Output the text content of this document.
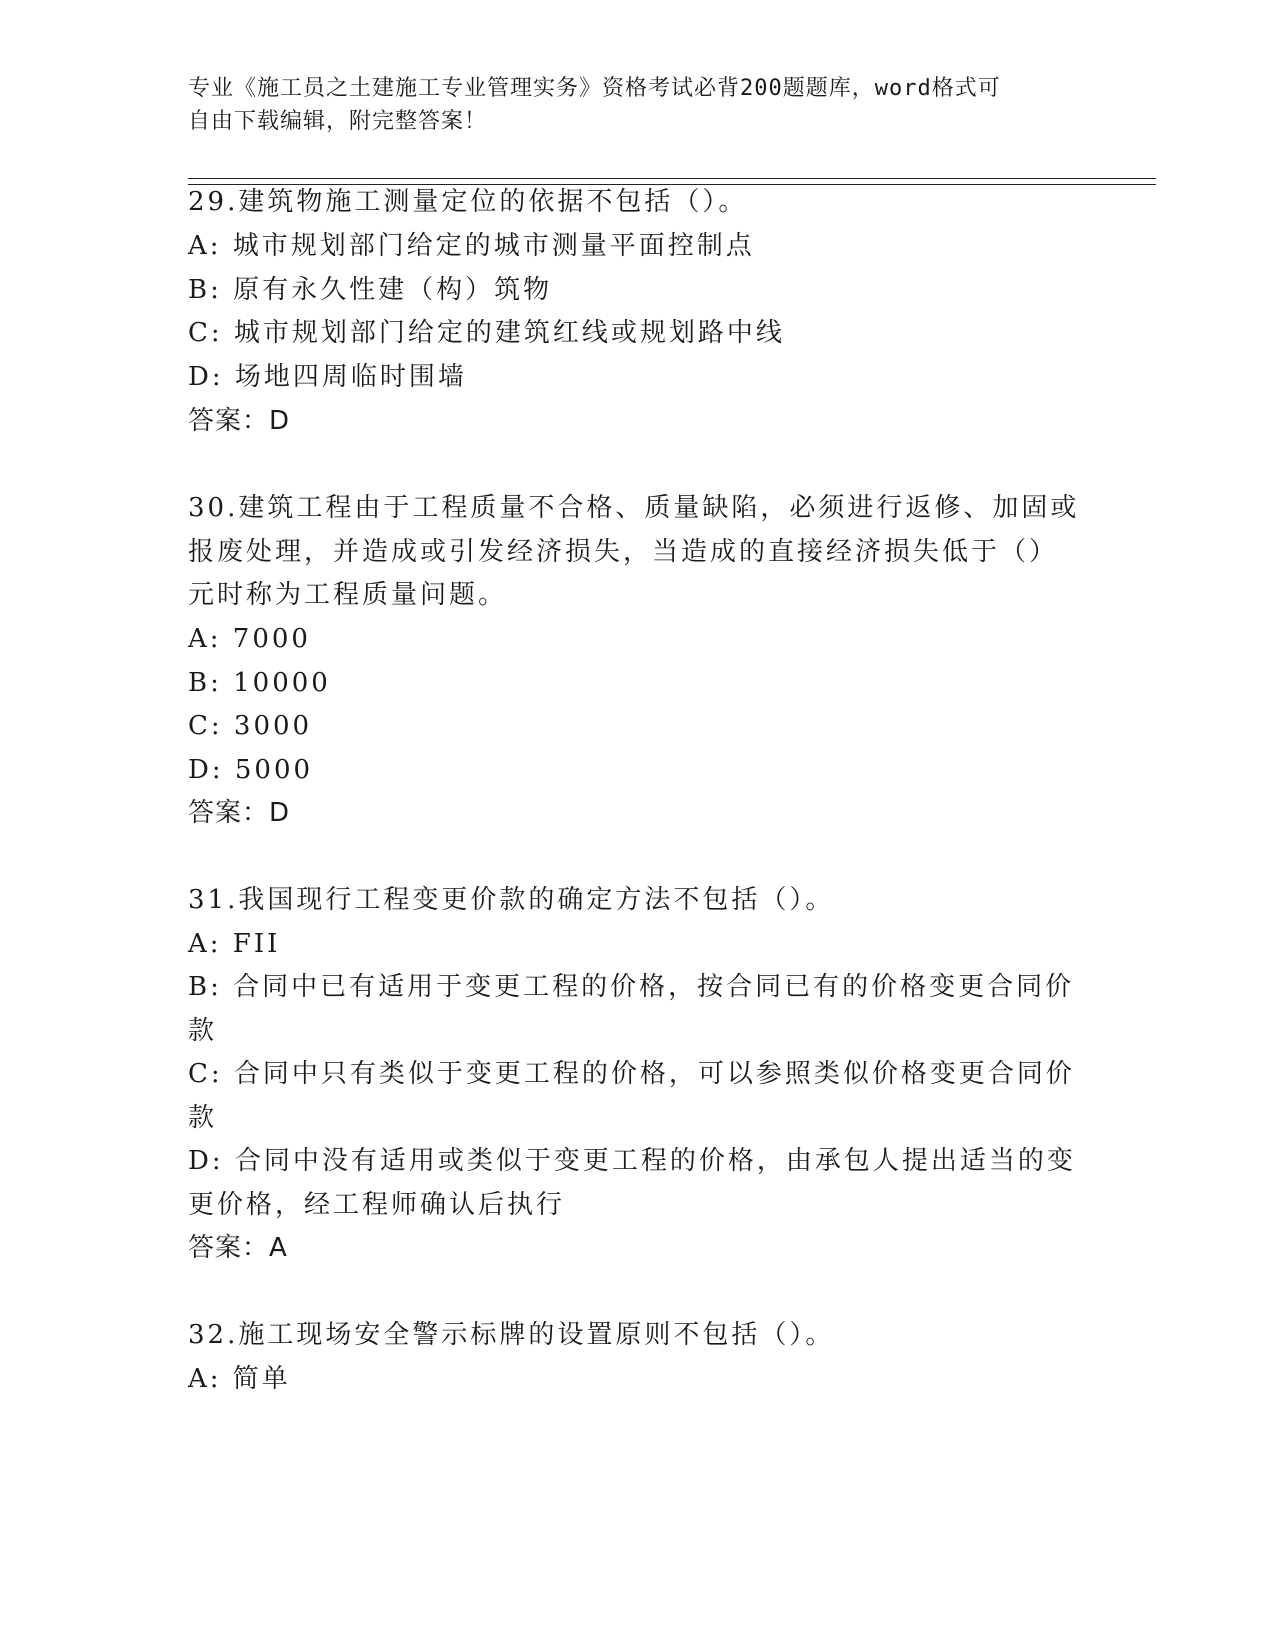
专业《施工员之土建施工专业管理实务》资格考试必背200题题库，word格式可
自由下载编辑，附完整答案！
29.建筑物施工测量定位的依据不包括（）。
A: 城市规划部门给定的城市测量平面控制点
B: 原有永久性建（构）筑物
C: 城市规划部门给定的建筑红线或规划路中线
D: 场地四周临时围墙
答案：D
30.建筑工程由于工程质量不合格、质量缺陷，必须进行返修、加固或
报废处理，并造成或引发经济损失，当造成的直接经济损失低于（）
元时称为工程质量问题。
A: 7000
B: 10000
C: 3000
D: 5000
答案：D
31.我国现行工程变更价款的确定方法不包括（）。
A: FII
B: 合同中已有适用于变更工程的价格，按合同已有的价格变更合同价
款
C: 合同中只有类似于变更工程的价格，可以参照类似价格变更合同价
款
D: 合同中没有适用或类似于变更工程的价格，由承包人提出适当的变
更价格，经工程师确认后执行
答案：A
32.施工现场安全警示标牌的设置原则不包括（）。
A: 简单
